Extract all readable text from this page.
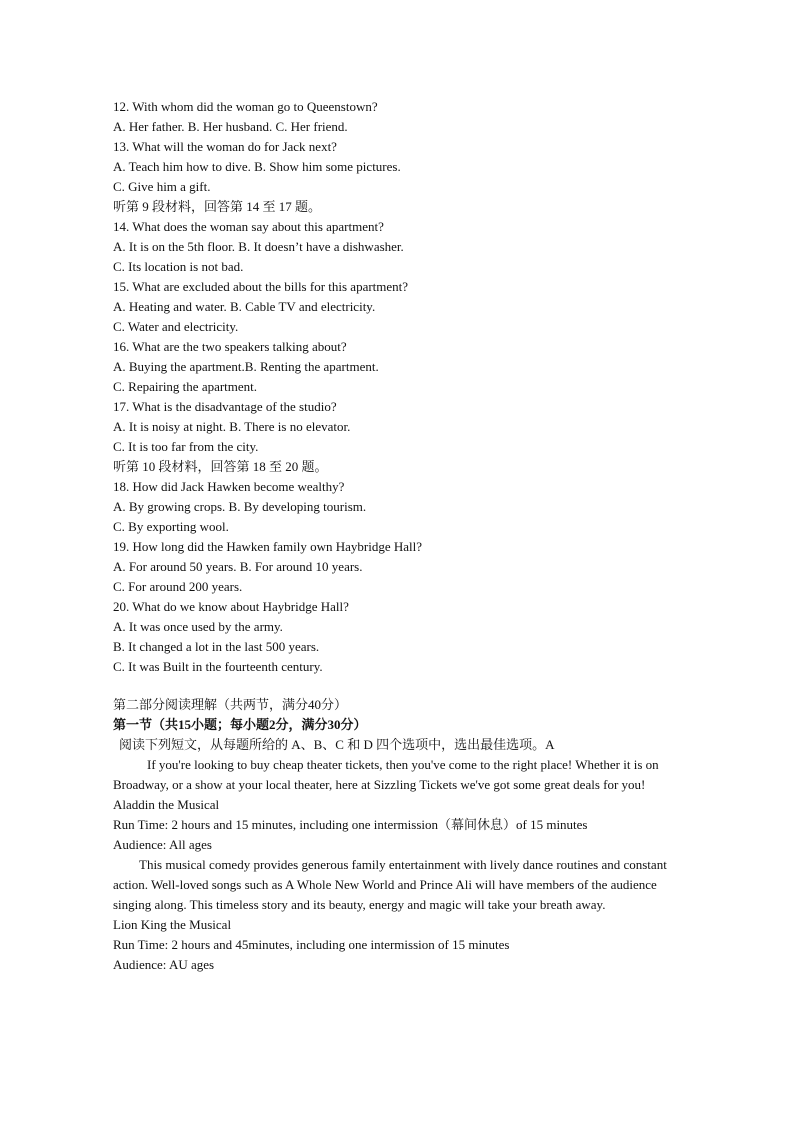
12. With whom did the woman go to Queenstown?
A. Her father. B. Her husband. C. Her friend.
13. What will the woman do for Jack next?
A. Teach him how to dive. B. Show him some pictures.
C. Give him a gift.
听第 9 段材料，回答第 14 至 17 题。
14. What does the woman say about this apartment?
A. It is on the 5th floor. B. It doesn’t have a dishwasher.
C. Its location is not bad.
15. What are excluded about the bills for this apartment?
A. Heating and water. B. Cable TV and electricity.
C. Water and electricity.
16. What are the two speakers talking about?
A. Buying the apartment.B. Renting the apartment.
C. Repairing the apartment.
17. What is the disadvantage of the studio?
A. It is noisy at night. B. There is no elevator.
C. It is too far from the city.
听第 10 段材料，回答第 18 至 20 题。
18. How did Jack Hawken become wealthy?
A. By growing crops. B. By developing tourism.
C. By exporting wool.
19. How long did the Hawken family own Haybridge Hall?
A. For around 50 years. B. For around 10 years.
C. For around 200 years.
20. What do we know about Haybridge Hall?
A. It was once used by the army.
B. It changed a lot in the last 500 years.
C. It was Built in the fourteenth century.
第二部分阅读理解（共两节，满分40分）
第一节（共15小题；每小题2分，满分30分）
阅读下列短文，从每题所给的 A、B、C 和 D 四个选项中，选出最佳选项。A
If you're looking to buy cheap theater tickets, then you've come to the right place! Whether it is on Broadway, or a show at your local theater, here at Sizzling Tickets we've got some great deals for you!
Aladdin the Musical
Run Time: 2 hours and 15 minutes, including one intermission（幕间休息）of 15 minutes
Audience: All ages
This musical comedy provides generous family entertainment with lively dance routines and constant action. Well-loved songs such as A Whole New World and Prince Ali will have members of the audience singing along. This timeless story and its beauty, energy and magic will take your breath away.
Lion King the Musical
Run Time: 2 hours and 45minutes, including one intermission of 15 minutes
Audience: AU ages
